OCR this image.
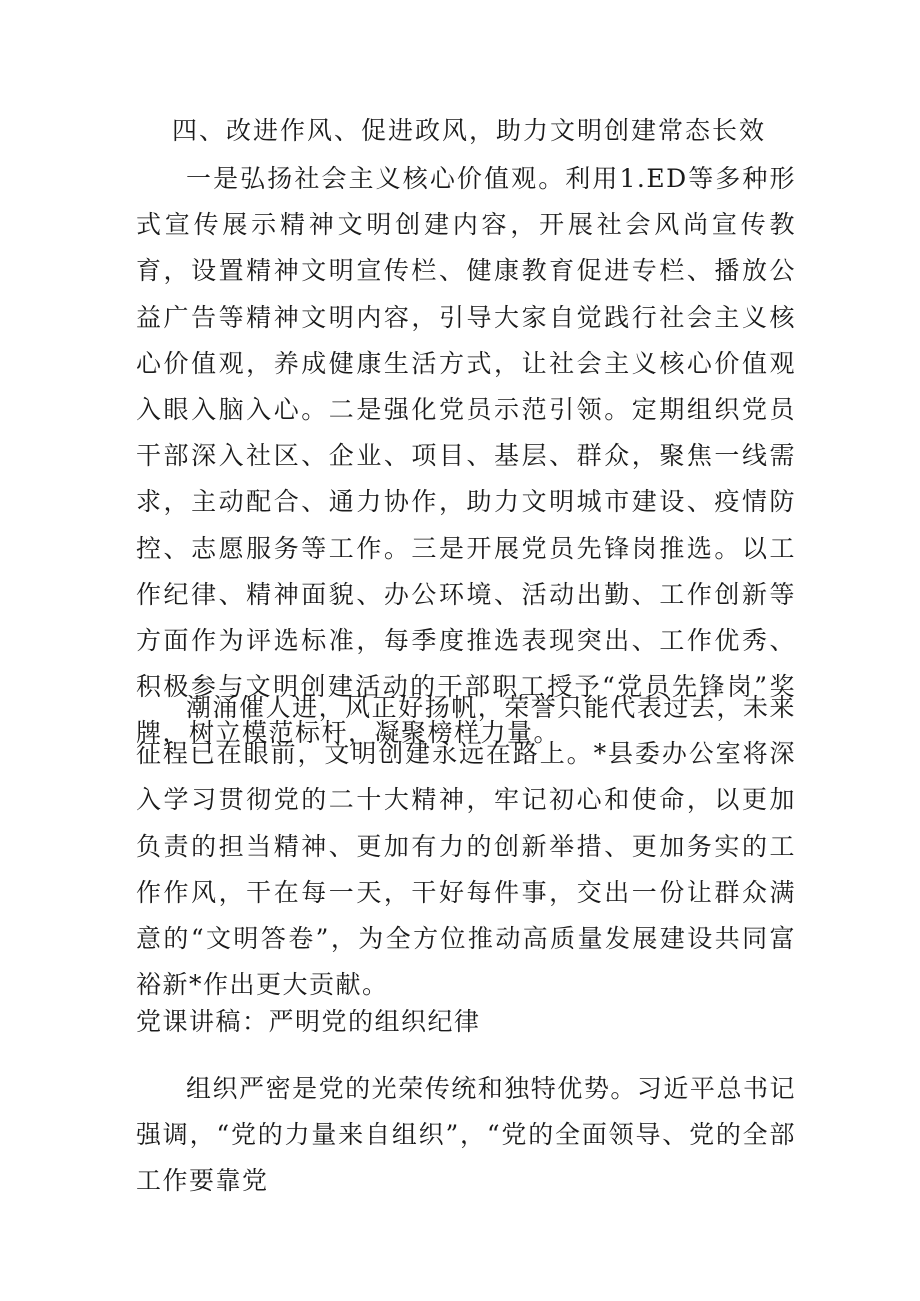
四、改进作风、促进政风，助力文明创建常态长效

一是弘扬社会主义核心价值观。利用1.ED等多种形式宣传展示精神文明创建内容，开展社会风尚宣传教育，设置精神文明宣传栏、健康教育促进专栏、播放公益广告等精神文明内容，引导大家自觉践行社会主义核心价值观，养成健康生活方式，让社会主义核心价值观入眼入脑入心。二是强化党员示范引领。定期组织党员干部深入社区、企业、项目、基层、群众，聚焦一线需求，主动配合、通力协作，助力文明城市建设、疫情防控、志愿服务等工作。三是开展党员先锋岗推选。以工作纪律、精神面貌、办公环境、活动出勤、工作创新等方面作为评选标准，每季度推选表现突出、工作优秀、积极参与文明创建活动的干部职工授予“党员先锋岗”奖牌，树立模范标杆，凝聚榜样力量。

潮涌催人进，风正好扬帆，荣誉只能代表过去，未来征程已在眼前，文明创建永远在路上。*县委办公室将深入学习贯彻党的二十大精神，牢记初心和使命，以更加负责的担当精神、更加有力的创新举措、更加务实的工作作风，干在每一天，干好每件事，交出一份让群众满意的“文明答卷”，为全方位推动高质量发展建设共同富裕新*作出更大贡献。

党课讲稿：严明党的组织纪律

组织严密是党的光荣传统和独特优势。习近平总书记强调，“党的力量来自组织”，“党的全面领导、党的全部工作要靠党
